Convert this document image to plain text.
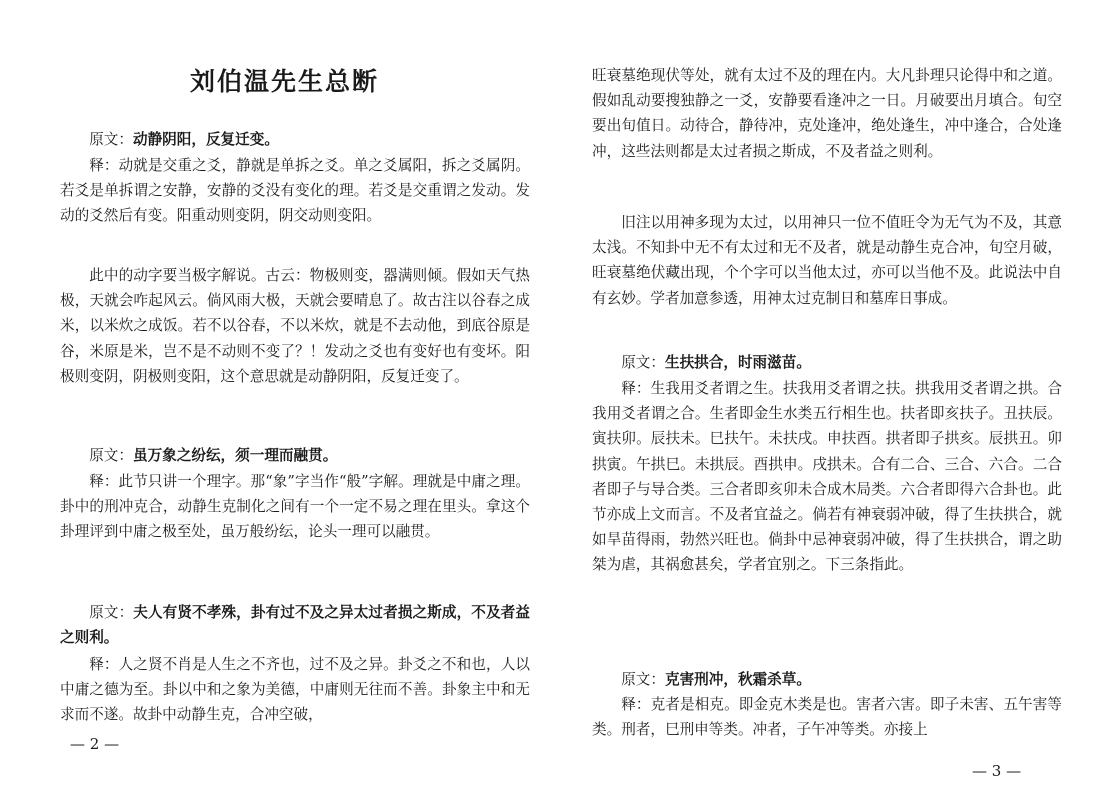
刘伯温先生总断

原文：动静阴阳，反复迁变。

释：动就是交重之爻，静就是单拆之爻。单之爻属阳，拆之爻属阴。若爻是单拆谓之安静，安静的爻没有变化的理。若爻是交重谓之发动。发动的爻然后有变。阳重动则变阴，阴交动则变阳。

此中的动字要当极字解说。古云：物极则变，器满则倾。假如天气热极，天就会咋起风云。倘风雨大极，天就会要晴息了。故古注以谷春之成米，以米炊之成饭。若不以谷春，不以米炊，就是不去动他，到底谷原是谷，米原是米，岂不是不动则不变了？！发动之爻也有变好也有变坏。阳极则变阴，阴极则变阳，这个意思就是动静阴阳，反复迁变了。

原文：虽万象之纷纭，须一理而融贯。

释：此节只讲一个理字。那“象”字当作“般”字解。理就是中庸之理。卦中的刑冲克合，动静生克制化之间有一个一定不易之理在里头。拿这个卦理评到中庸之极至处，虽万般纷纭，论头一理可以融贯。

原文：夫人有贤不孝殊，卦有过不及之异太过者损之斯成，不及者益之则利。

释：人之贤不肖是人生之不齐也，过不及之异。卦爻之不和也，人以中庸之德为至。卦以中和之象为美德，中庸则无往而不善。卦象主中和无求而不遂。故卦中动静生克，合冲空破，

— 2 —

旺衰墓绝现伏等处，就有太过不及的理在内。大凡卦理只论得中和之道。假如乱动要搜独静之一爻，安静要看逢冲之一日。月破要出月填合。旬空要出旬值日。动待合，静待冲，克处逢冲，绝处逢生，冲中逢合，合处逢冲，这些法则都是太过者损之斯成，不及者益之则利。

旧注以用神多现为太过，以用神只一位不值旺令为无气为不及，其意太浅。不知卦中无不有太过和无不及者，就是动静生克合冲，旬空月破，旺衰墓绝伏藏出现，个个字可以当他太过，亦可以当他不及。此说法中自有玄妙。学者加意参透，用神太过克制日和墓库日事成。

原文：生扶拱合，时雨滋苗。

释：生我用爻者谓之生。扶我用爻者谓之扶。拱我用爻者谓之拱。合我用爻者谓之合。生者即金生水类五行相生也。扶者即亥扶子。丑扶辰。寅扶卯。辰扶未。巳扶午。未扶戌。申扶酉。拱者即子拱亥。辰拱丑。卯拱寅。午拱巳。未拱辰。酉拱申。戌拱未。合有二合、三合、六合。二合者即子与导合类。三合者即亥卯未合成木局类。六合者即得六合卦也。此节亦成上文而言。不及者宜益之。倘若有神衰弱冲破，得了生扶拱合，就如旱苗得雨，勃然兴旺也。倘卦中忌神衰弱冲破，得了生扶拱合，谓之助桀为虐，其祸愈甚矣，学者宜别之。下三条指此。

原文：克害刑冲，秋霜杀草。

释：克者是相克。即金克木类是也。害者六害。即子未害、五午害等类。刑者，巳刑申等类。冲者，子午冲等类。亦接上

— 3 —
